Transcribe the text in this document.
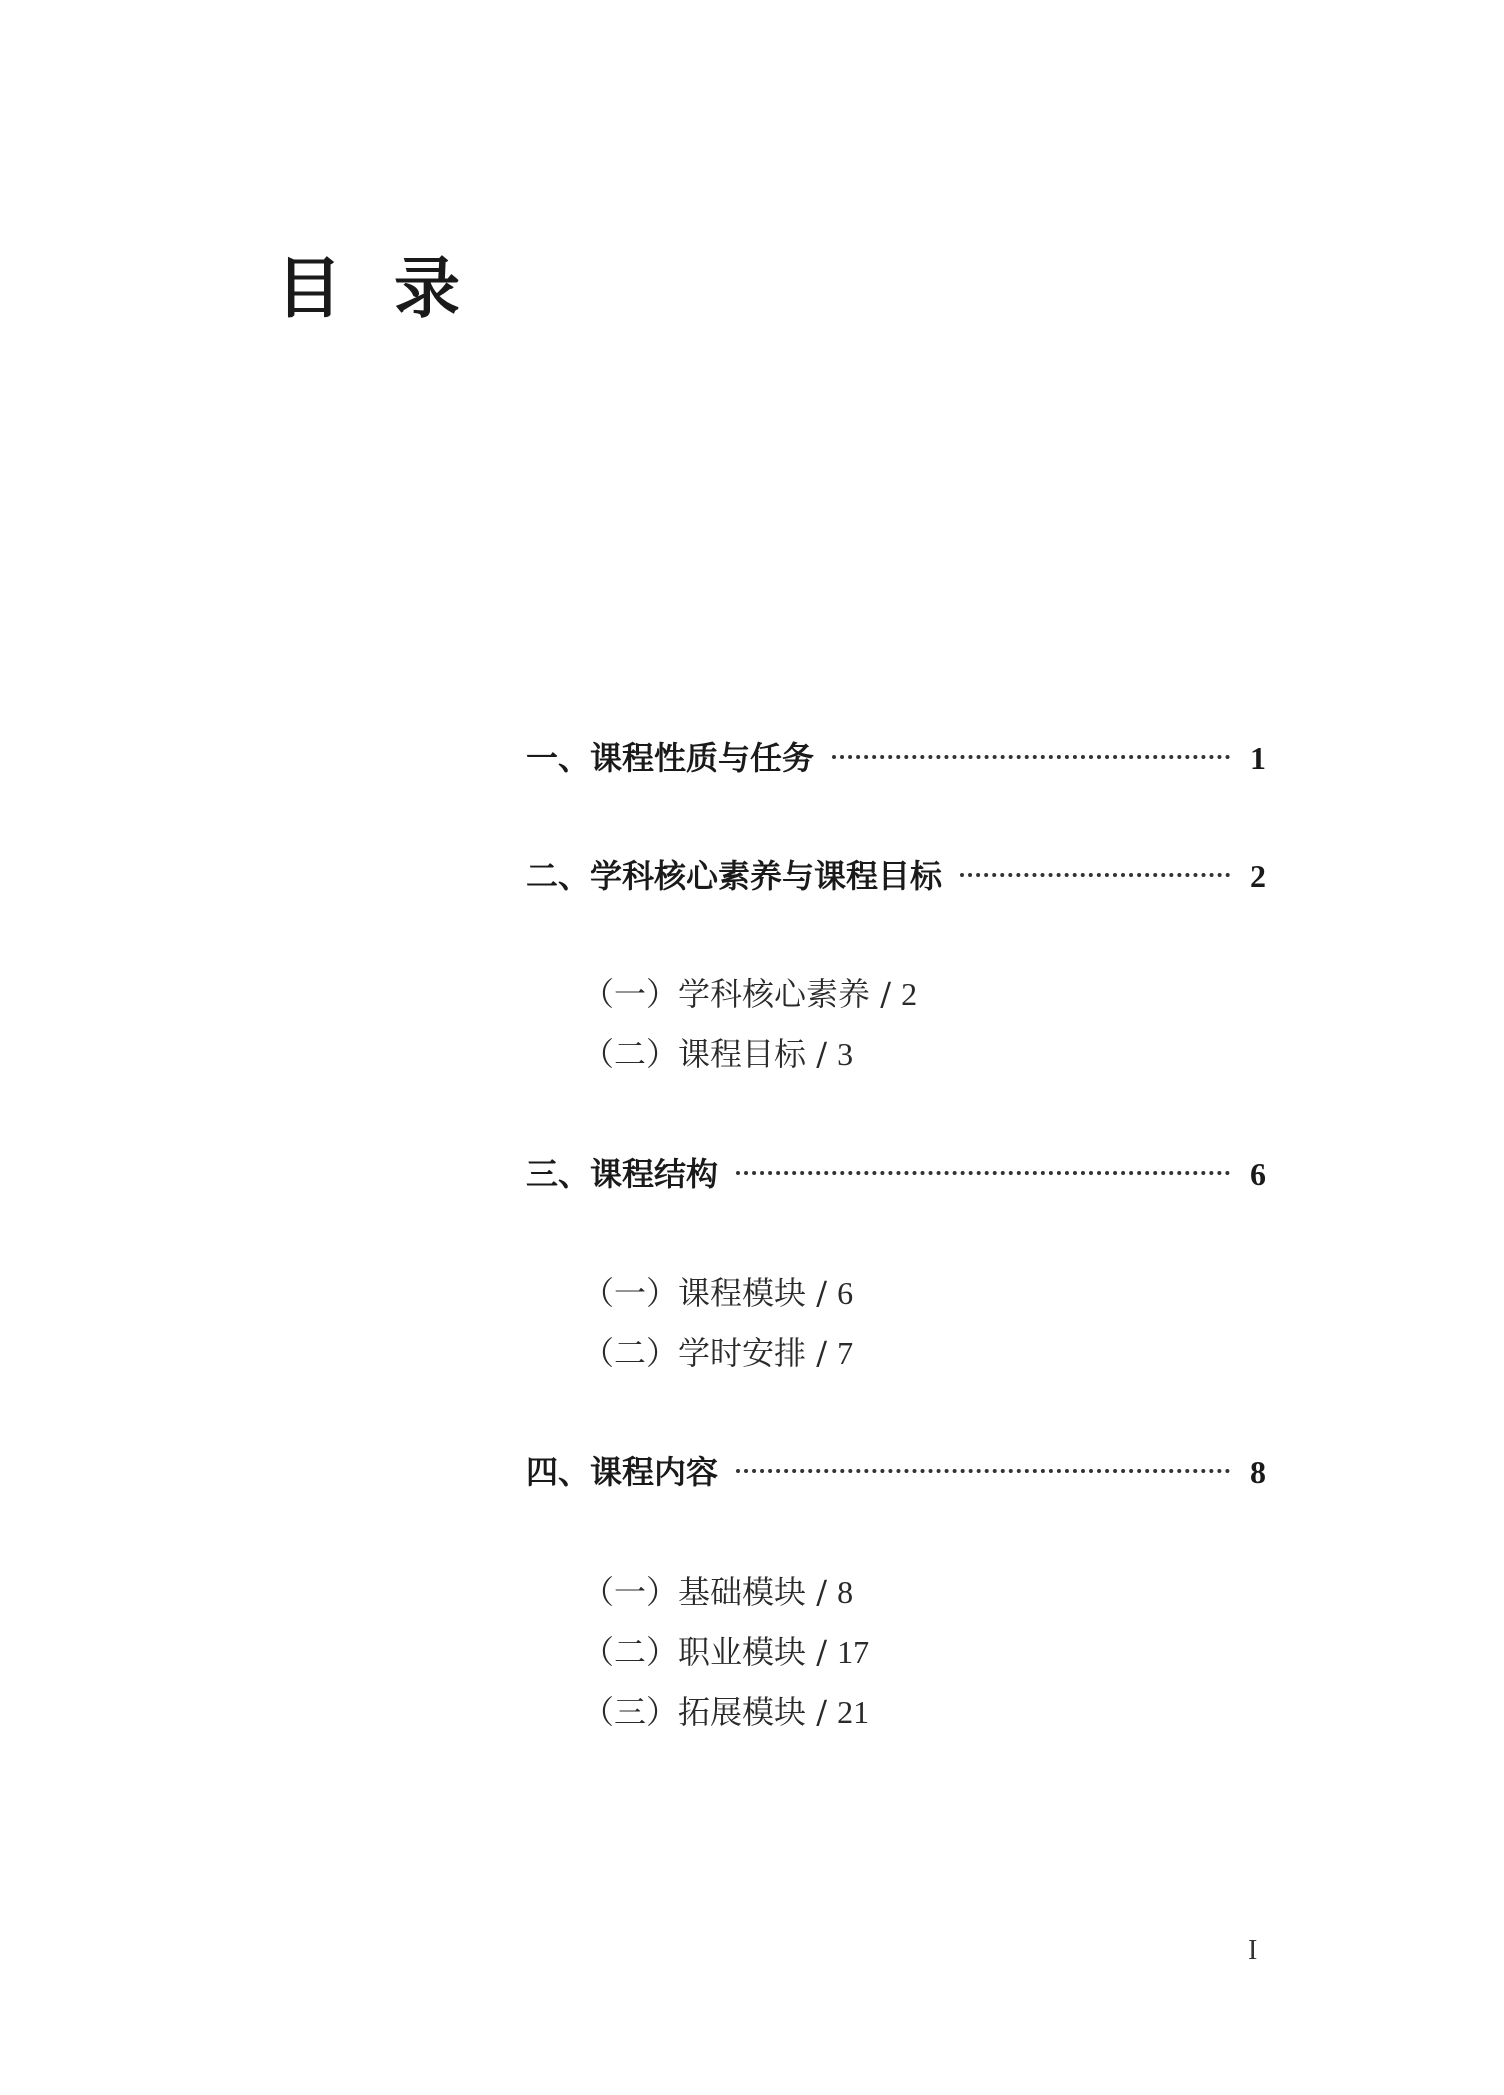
目录
一、课程性质与任务	1
二、学科核心素养与课程目标	2
（一）学科核心素养 / 2
（二）课程目标 / 3
三、课程结构	6
（一）课程模块 / 6
（二）学时安排 / 7
四、课程内容	8
（一）基础模块 / 8
（二）职业模块 / 17
（三）拓展模块 / 21
I
